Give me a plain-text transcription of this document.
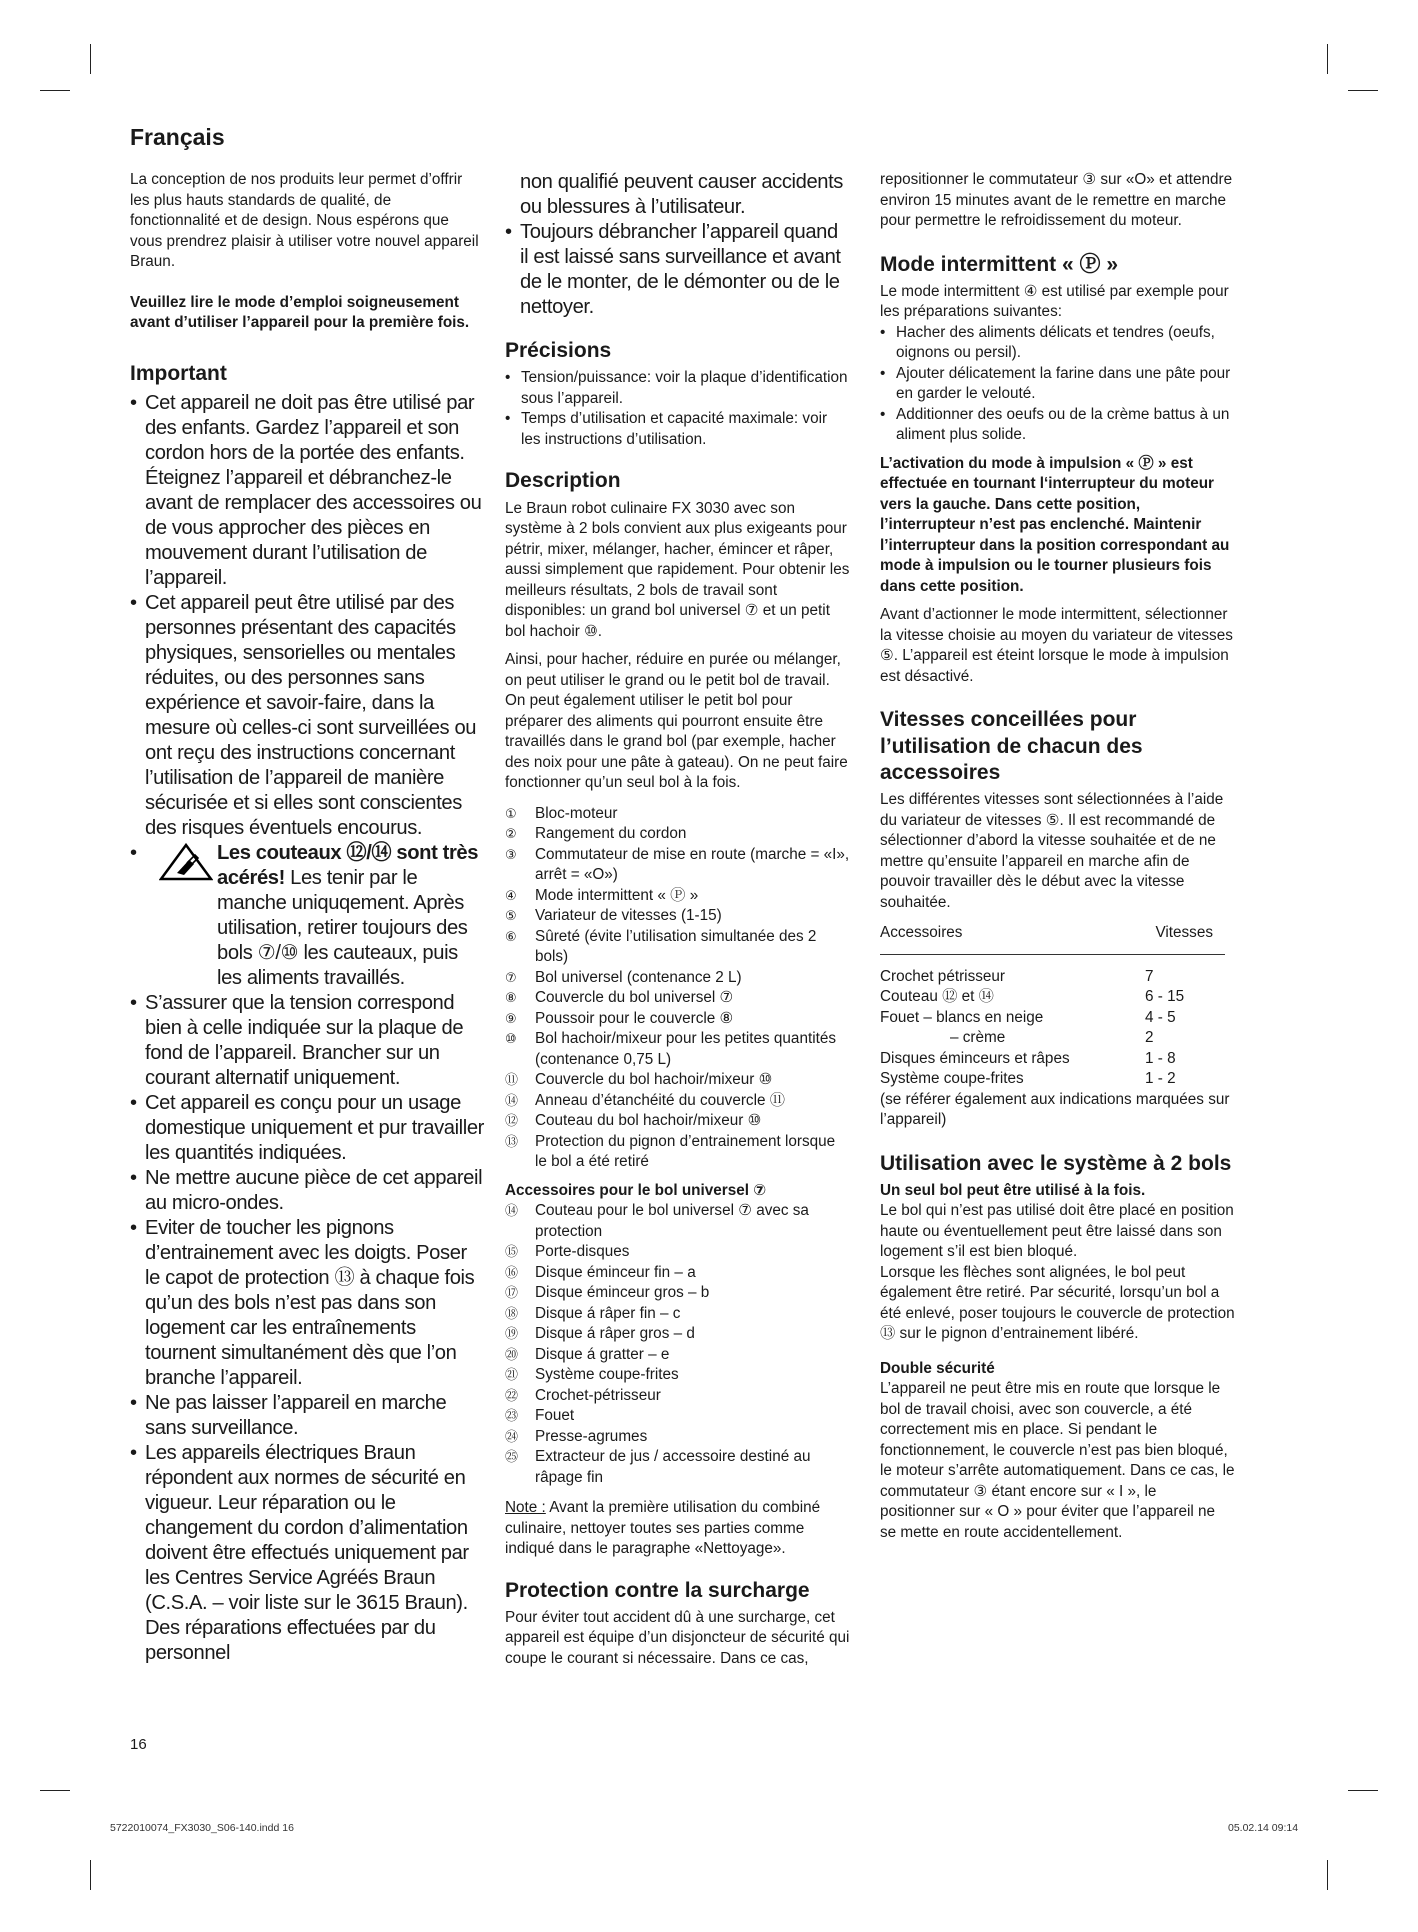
Français

La conception de nos produits leur permet d’offrir les plus hauts standards de qualité, de fonctionnalité et de design. Nous espérons que vous prendrez plaisir à utiliser votre nouvel appareil Braun.

Veuillez lire le mode d’emploi soigneusement avant d’utiliser l’appareil pour la première fois.

Important
• Cet appareil ne doit pas être utilisé par des enfants. Gardez l’appareil et son cordon hors de la portée des enfants. Éteignez l’appareil et débranchez-le avant de remplacer des accessoires ou de vous approcher des pièces en mouvement durant l’utilisation de l’appareil.
• Cet appareil peut être utilisé par des personnes présentant des capacités physiques, sensorielles ou mentales réduites, ou des personnes sans expérience et savoir-faire, dans la mesure où celles-ci sont surveillées ou ont reçu des instructions concernant l’utilisation de l’appareil de manière sécurisée et si elles sont conscientes des risques éventuels encourus.
• Les couteaux ⑫/⑭ sont très acérés! Les tenir par le manche uniquqement. Après utilisation, retirer toujours des bols ⑦/⑩ les cauteaux, puis les aliments travaillés.
• S’assurer que la tension correspond bien à celle indiquée sur la plaque de fond de l’appareil. Brancher sur un courant alternatif uniquement.
• Cet appareil es conçu pour un usage domestique uniquement et pur travailler les quantités indiquées.
• Ne mettre aucune pièce de cet appareil au micro-ondes.
• Eviter de toucher les pignons d’entrainement avec les doigts. Poser le capot de protection ⑬ à chaque fois qu’un des bols n’est pas dans son logement car les entraînements tournent simultanément dès que l’on branche l’appareil.
• Ne pas laisser l’appareil en marche sans surveillance.
• Les appareils électriques Braun répondent aux normes de sécurité en vigueur. Leur réparation ou le changement du cordon d’alimentation doivent être effectués uniquement par les Centres Service Agréés Braun (C.S.A. – voir liste sur le 3615 Braun). Des réparations effectuées par du personnel

non qualifié peuvent causer accidents ou blessures à l’utilisateur.

• Toujours débrancher l’appareil quand il est laissé sans surveillance et avant de le monter, de le démonter ou de le nettoyer.
Précisions
• Tension/puissance: voir la plaque d’identification sous l’appareil.
• Temps d’utilisation et capacité maximale: voir les instructions d’utilisation.
Description

Le Braun robot culinaire FX 3030 avec son système à 2 bols convient aux plus exigeants pour pétrir, mixer, mélanger, hacher, émincer et râper, aussi simplement que rapidement. Pour obtenir les meilleurs résultats, 2 bols de travail sont disponibles: un grand bol universel ⑦ et un petit bol hachoir ⑩.

Ainsi, pour hacher, réduire en purée ou mélanger, on peut utiliser le grand ou le petit bol de travail. On peut également utiliser le petit bol pour préparer des aliments qui pourront ensuite être travaillés dans le grand bol (par exemple, hacher des noix pour une pâte à gateau). On ne peut faire fonctionner qu’un seul bol à la fois.

① Bloc-moteur
② Rangement du cordon
③ Commutateur de mise en route (marche = «I», arrêt = «O»)
④ Mode intermittent « Ⓟ »
⑤ Variateur de vitesses (1-15)
⑥ Sûreté (évite l’utilisation simultanée des 2 bols)
⑦ Bol universel (contenance 2 L)
⑧ Couvercle du bol universel ⑦
⑨ Poussoir pour le couvercle ⑧
⑩ Bol hachoir/mixeur pour les petites quantités (contenance 0,75 L)
⑪ Couvercle du bol hachoir/mixeur ⑩
⑭ Anneau d’étanchéité du couvercle ⑪
⑫ Couteau du bol hachoir/mixeur ⑩
⑬ Protection du pignon d’entrainement lorsque le bol a été retiré

Accessoires pour le bol universel ⑦

⑭ Couteau pour le bol universel ⑦ avec sa protection
⑮ Porte-disques
⑯ Disque éminceur fin – a
⑰ Disque éminceur gros – b
⑱ Disque á râper fin – c
⑲ Disque á râper gros – d
⑳ Disque á gratter – e
㉑ Système coupe-frites
㉒ Crochet-pétrisseur
㉓ Fouet
㉔ Presse-agrumes
㉕ Extracteur de jus / accessoire destiné au râpage fin

Note : Avant la première utilisation du combiné culinaire, nettoyer toutes ses parties comme indiqué dans le paragraphe «Nettoyage».

Protection contre la surcharge

Pour éviter tout accident dû à une surcharge, cet appareil est équipe d’un disjoncteur de sécurité qui coupe le courant si nécessaire. Dans ce cas,

repositionner le commutateur ③ sur «O» et attendre environ 15 minutes avant de le remettre en marche pour permettre le refroidissement du moteur.

Mode intermittent « Ⓟ »

Le mode intermittent ④ est utilisé par exemple pour les préparations suivantes:

• Hacher des aliments délicats et tendres (oeufs, oignons ou persil).
• Ajouter délicatement la farine dans une pâte pour en garder le velouté.
• Additionner des oeufs ou de la crème battus à un aliment plus solide.

L’activation du mode à impulsion « Ⓟ » est effectuée en tournant l‘interrupteur du moteur vers la gauche. Dans cette position, l’interrupteur n’est pas enclenché. Maintenir l’interrupteur dans la position correspondant au mode à impulsion ou le tourner plusieurs fois dans cette position.

Avant d’actionner le mode intermittent, sélectionner la vitesse choisie au moyen du variateur de vitesses ⑤. L’appareil est éteint lorsque le mode à impulsion est désactivé.

Vitesses conceillées pour l’utilisation de chacun des accessoires

Les différentes vitesses sont sélectionnées à l’aide du variateur de vitesses ⑤. Il est recommandé de sélectionner d’abord la vitesse souhaitée et de ne mettre qu’ensuite l’appareil en marche afin de pouvoir travailler dès le début avec la vitesse souhaitée.

Accessoires	Vitesses
Crochet pétrisseur	7
Couteau ⑫ et ⑭	6 - 15
Fouet – blancs en neige	4 - 5
– crème	2
Disques éminceurs et râpes	1 - 8
Système coupe-frites	1 - 2

(se référer également aux indications marquées sur l’appareil)

Utilisation avec le système à 2 bols

Un seul bol peut être utilisé à la fois.

Le bol qui n’est pas utilisé doit être placé en position haute ou éventuellement peut être laissé dans son logement s’il est bien bloqué.

Lorsque les flèches sont alignées, le bol peut également être retiré. Par sécurité, lorsqu’un bol a été enlevé, poser toujours le couvercle de protection ⑬ sur le pignon d’entrainement libéré.

Double sécurité

L’appareil ne peut être mis en route que lorsque le bol de travail choisi, avec son couvercle, a été correctement mis en place. Si pendant le fonctionnement, le couvercle n’est pas bien bloqué, le moteur s’arrête automatiquement. Dans ce cas, le commutateur ③ étant encore sur « I », le positionner sur « O » pour éviter que l’appareil ne se mette en route accidentellement.

16
5722010074_FX3030_S06-140.indd 16	05.02.14 09:14
